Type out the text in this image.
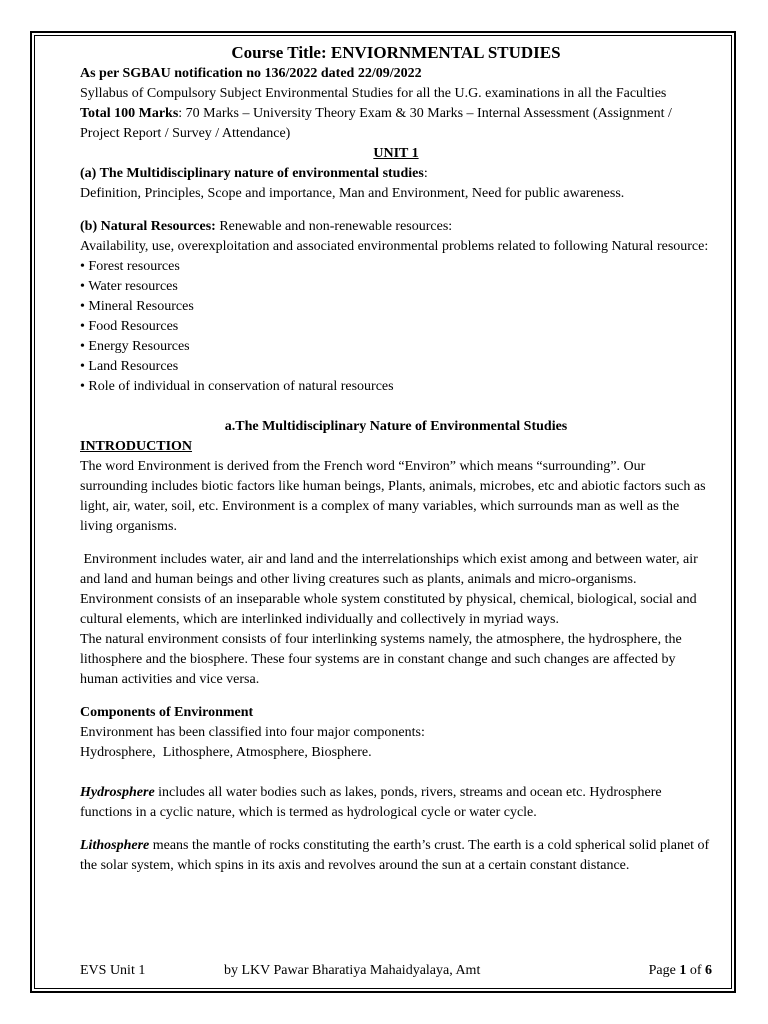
Course Title: ENVIORNMENTAL STUDIES

As per SGBAU notification no 136/2022 dated 22/09/2022

Syllabus of Compulsory Subject Environmental Studies for all the U.G. examinations in all the Faculties

Total 100 Marks: 70 Marks – University Theory Exam & 30 Marks – Internal Assessment (Assignment / Project Report / Survey / Attendance)

UNIT 1

(a) The Multidisciplinary nature of environmental studies:

Definition, Principles, Scope and importance, Man and Environment, Need for public awareness.

(b) Natural Resources: Renewable and non-renewable resources:

Availability, use, overexploitation and associated environmental problems related to following Natural resource:

• Forest resources
• Water resources
• Mineral Resources
• Food Resources
• Energy Resources
• Land Resources
• Role of individual in conservation of natural resources

a.The Multidisciplinary Nature of Environmental Studies

INTRODUCTION

The word Environment is derived from the French word “Environ” which means “surrounding”. Our surrounding includes biotic factors like human beings, Plants, animals, microbes, etc and abiotic factors such as light, air, water, soil, etc. Environment is a complex of many variables, which surrounds man as well as the living organisms.

Environment includes water, air and land and the interrelationships which exist among and between water, air and land and human beings and other living creatures such as plants, animals and micro-organisms. Environment consists of an inseparable whole system constituted by physical, chemical, biological, social and cultural elements, which are interlinked individually and collectively in myriad ways.

The natural environment consists of four interlinking systems namely, the atmosphere, the hydrosphere, the lithosphere and the biosphere. These four systems are in constant change and such changes are affected by human activities and vice versa.

Components of Environment

Environment has been classified into four major components:

Hydrosphere,  Lithosphere, Atmosphere, Biosphere.

Hydrosphere includes all water bodies such as lakes, ponds, rivers, streams and ocean etc. Hydrosphere functions in a cyclic nature, which is termed as hydrological cycle or water cycle.

Lithosphere means the mantle of rocks constituting the earth’s crust. The earth is a cold spherical solid planet of the solar system, which spins in its axis and revolves around the sun at a certain constant distance.

EVS Unit 1	by LKV Pawar Bharatiya Mahaidyalaya, Amt	Page 1 of 6
